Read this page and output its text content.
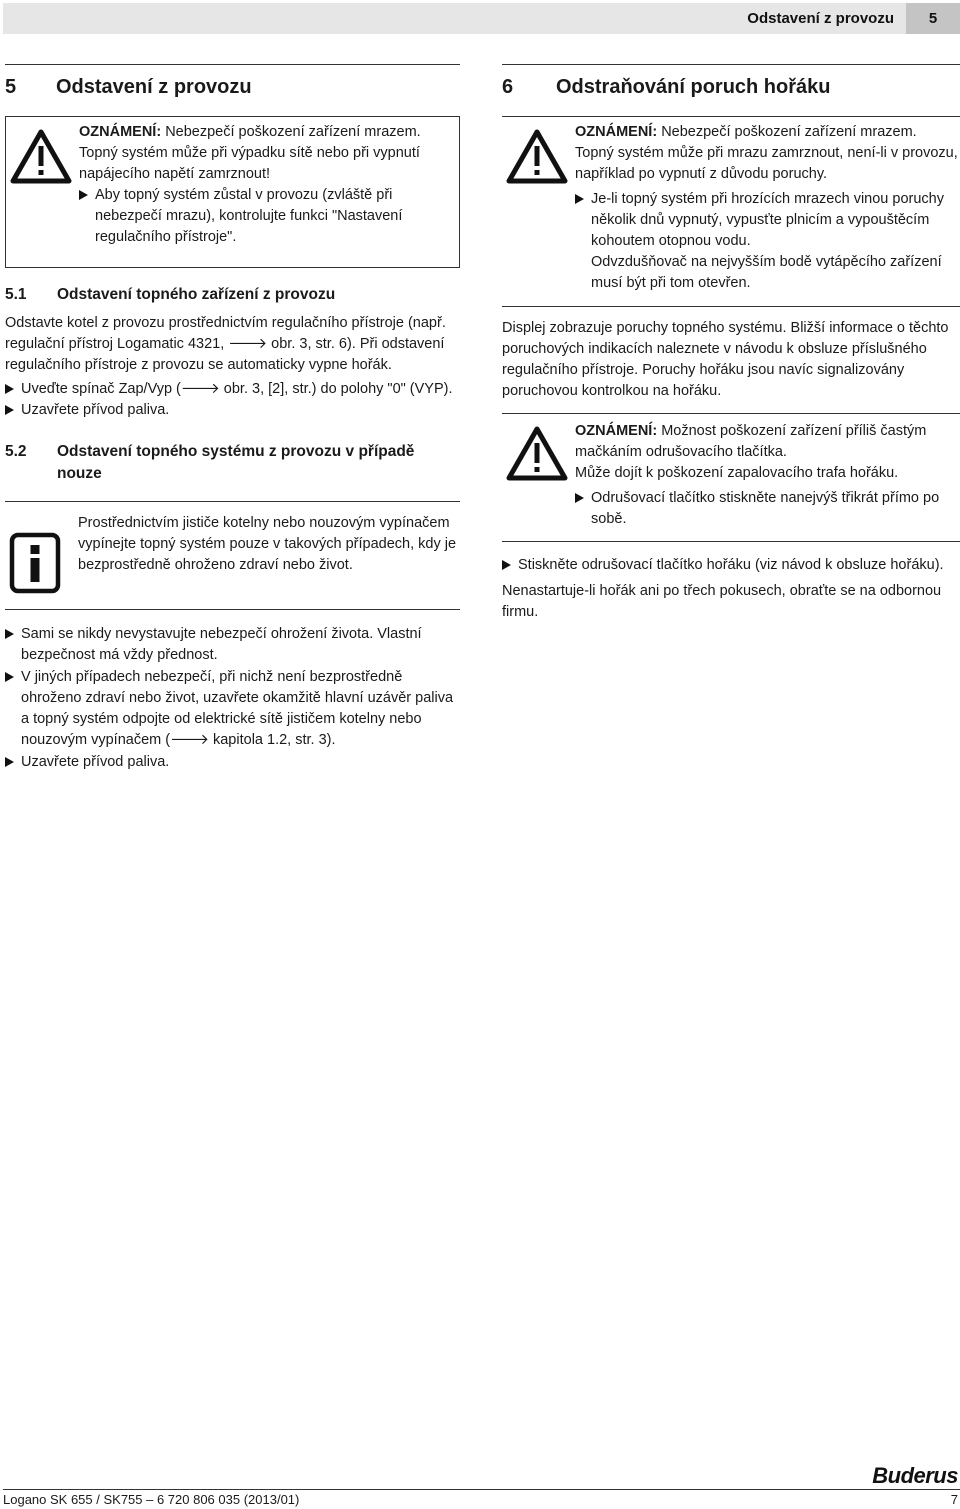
Odstavení z provozu	5
5	Odstavení z provozu

OZNÁMENÍ: Nebezpečí poškození zařízení mrazem.

Topný systém může při výpadku sítě nebo při vypnutí napájecího napětí zamrznout!

Aby topný systém zůstal v provozu (zvláště při nebezpečí mrazu), kontrolujte funkci "Nastavení regulačního přístroje".
5.1	Odstavení topného zařízení z provozu

Odstavte kotel z provozu prostřednictvím regulačního přístroje (např. regulační přístroj Logamatic 4321, 🡒 obr. 3, str. 6). Při odstavení regulačního přístroje z provozu se automaticky vypne hořák.

Uveďte spínač Zap/Vyp (🡒 obr. 3, [2], str.) do polohy "0" (VYP).
Uzavřete přívod paliva.
5.2	Odstavení topného systému z provozu v případě nouze

Prostřednictvím jističe kotelny nebo nouzovým vypínačem vypínejte topný systém pouze v takových případech, kdy je bezprostředně ohroženo zdraví nebo život.

Sami se nikdy nevystavujte nebezpečí ohrožení života. Vlastní bezpečnost má vždy přednost.
V jiných případech nebezpečí, při nichž není bezprostředně ohroženo zdraví nebo život, uzavřete okamžitě hlavní uzávěr paliva a topný systém odpojte od elektrické sítě jističem kotelny nebo nouzovým vypínačem (🡒 kapitola 1.2, str. 3).
Uzavřete přívod paliva.
6	Odstraňování poruch hořáku

OZNÁMENÍ: Nebezpečí poškození zařízení mrazem.

Topný systém může při mrazu zamrznout, není-li v provozu, například po vypnutí z důvodu poruchy.

Je-li topný systém při hrozících mrazech vinou poruchy několik dnů vypnutý, vypusťte plnicím a vypouštěcím kohoutem otopnou vodu.

Odvzdušňovač na nejvyšším bodě vytápěcího zařízení musí být při tom otevřen.

Displej zobrazuje poruchy topného systému. Bližší informace o těchto poruchových indikacích naleznete v návodu k obsluze příslušného regulačního přístroje. Poruchy hořáku jsou navíc signalizovány poruchovou kontrolkou na hořáku.

OZNÁMENÍ: Možnost poškození zařízení příliš častým mačkáním odrušovacího tlačítka.

Může dojít k poškození zapalovacího trafa hořáku.

Odrušovací tlačítko stiskněte nanejvýš třikrát přímo po sobě.
Stiskněte odrušovací tlačítko hořáku (viz návod k obsluze hořáku).

Nenastartuje-li hořák ani po třech pokusech, obraťte se na odbornou firmu.

Buderus
Logano SK 655 / SK755 – 6 720 806 035 (2013/01)	7
